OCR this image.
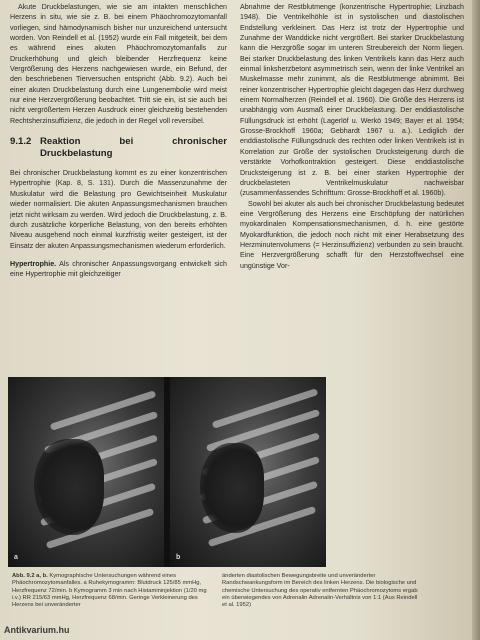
Akute Druckbelastungen, wie sie am intakten menschlichen Herzens in situ, wie sie z. B. bei einem Phäochromozytomanfall vorliegen, sind hämodynamisch bisher nur unzureichend untersucht worden. Von Reindell et al. (1952) wurde ein Fall mitgeteilt, bei dem es während eines akuten Phäochromozytomanfalls zur Druckerhöhung und gleich bleibender Herzfrequenz keine Vergrößerung des Herzens nachgewiesen wurde, ein Befund, der den beschriebenen Tierversuchen entspricht (Abb. 9.2). Auch bei einer akuten Druckbelastung durch eine Lungenembolie wird meist nur eine Herzvergrößerung beobachtet. Tritt sie ein, ist sie auch bei nicht vergrößertem Herzen Ausdruck einer gleichzeitig bestehenden Rechtsherzinsuffizienz, die jedoch in der Regel voll reversibel.

9.1.2 Reaktion bei chronischer Druckbelastung

Bei chronischer Druckbelastung kommt es zu einer konzentrischen Hypertrophie (Kap. 8, S. 131). Durch die Massenzunahme der Muskulatur wird die Belastung pro Gewichtseinheit Muskulatur wieder normalisiert. Die akuten Anpassungsmechanismen brauchen jetzt nicht wirksam zu werden. Wird jedoch die Druckbelastung, z. B. durch zusätzliche körperliche Belastung, von den bereits erhöhten Niveau ausgehend noch einmal kurzfristig weiter gesteigert, ist der Einsatz der akuten Anpassungsmechanismen wiederum erforderlich.

Hypertrophie. Als chronischer Anpassungsvorgang entwickelt sich eine Hypertrophie mit gleichzeitiger

Abnahme der Restblutmenge (konzentrische Hypertrophie; Linzbach 1948). Die Ventrikelhöhle ist in systolischen und diastolischen Endstellung verkleinert. Das Herz ist trotz der Hypertrophie und Zunahme der Wanddicke nicht vergrößert. Bei starker Druckbelastung kann die Herzgröße sogar im unteren Streubereich der Norm liegen. Bei starker Druckbelastung des linken Ventrikels kann das Herz auch einmal linksherzbetont asymmetrisch sein, wenn der linke Ventrikel an Muskelmasse mehr zunimmt, als die Restblutmenge abnimmt. Bei reiner konzentrischer Hypertrophie gleicht dagegen das Herz durchweg einem Normalherzen (Reindell et al. 1960). Die Größe des Herzens ist unabhängig vom Ausmaß einer Druckbelastung. Der enddiastolische Füllungsdruck ist erhöht (Lagerlöf u. Werkö 1949; Bayer et al. 1954; Grosse-Brockhoff 1960a; Gebhardt 1967 u. a.). Lediglich der enddiastolische Füllungsdruck des rechten oder linken Ventrikels ist in Korrelation zur Größe der systolischen Drucksteigerung durch die verstärkte Vorhofkontraktion gesteigert. Diese enddiastolische Drucksteigerung ist z. B. bei einer starken Hypertrophie der druckbelasteten Ventrikelmuskulatur nachweisbar (zusammenfassendes Schrifttum: Grosse-Brockhoff et al. 1960b).

Sowohl bei akuter als auch bei chronischer Druckbelastung bedeutet eine Vergrößerung des Herzens eine Erschöpfung der natürlichen myokardinalen Kompensationsmechanismen, d. h. eine gestörte Myokardfunktion, die jedoch noch nicht mit einer Herabsetzung des Herzminutenvolumens (= Herzinsuffizienz) verbunden zu sein braucht. Eine Herzvergrößerung schafft für den Herzstoffwechsel eine ungünstige Vor-

a	b
Abb. 9.2 a, b. Kymographische Untersuchungen während eines Phäochromozytomanfalles. a Ruhekymogramm: Blutdruck 125/85 mmHg, Herzfrequenz 72/min. b Kymogramm 3 min nach Histamininjektion (1/20 mg i.v.) RR 215/63 mmHg, Herzfrequenz 68/min. Geringe Verkleinerung des Herzens bei unveränderter
änderten diastolischen Bewegungsbreite und unveränderter Randschwankungsform im Bereich des linken Herzens. Die biologische und chemische Untersuchung des operativ entfernten Phäochromozytoms ergab ein überwiegendes von Adrenalin Adrenalin-Verhältnis von 1:1 (Aus Reindell et al. 1952)
Antikvarium.hu
